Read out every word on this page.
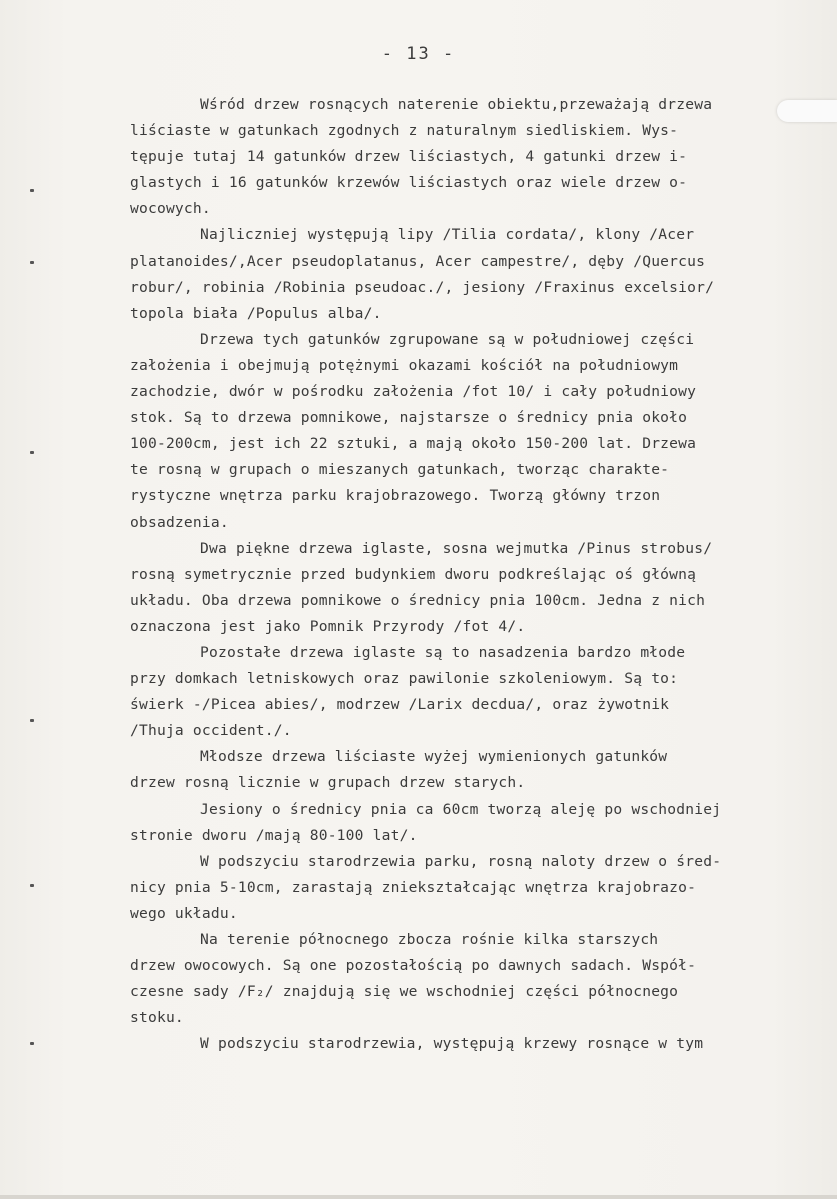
- 13 -
Wśród drzew rosnących naterenie obiektu,przeważają drzewa
liściaste w gatunkach zgodnych z naturalnym siedliskiem. Wys-
tępuje tutaj 14 gatunków drzew liściastych, 4 gatunki drzew i-
glastych i 16 gatunków krzewów liściastych oraz wiele drzew o-
wocowych.
Najliczniej występują lipy /Tilia cordata/, klony /Acer
platanoides/,Acer pseudoplatanus, Acer campestre/, dęby /Quercus
robur/, robinia /Robinia pseudoac./, jesiony /Fraxinus excelsior/
topola biała /Populus alba/.
Drzewa tych gatunków zgrupowane są w południowej części
założenia i obejmują potężnymi okazami kościół na południowym
zachodzie, dwór w pośrodku założenia /fot 10/ i cały południowy
stok. Są to drzewa pomnikowe, najstarsze o średnicy pnia około
100-200cm, jest ich 22 sztuki, a mają około 150-200 lat. Drzewa
te rosną w grupach o mieszanych gatunkach, tworząc charakte-
rystyczne wnętrza parku krajobrazowego. Tworzą główny trzon
obsadzenia.
Dwa piękne drzewa iglaste, sosna wejmutka /Pinus strobus/
rosną symetrycznie przed budynkiem dworu podkreślając oś główną
układu. Oba drzewa pomnikowe o średnicy pnia 100cm. Jedna z nich
oznaczona jest jako Pomnik Przyrody /fot 4/.
Pozostałe drzewa iglaste są to nasadzenia bardzo młode
przy domkach letniskowych oraz pawilonie szkoleniowym. Są to:
świerk -/Picea abies/, modrzew /Larix decdua/, oraz żywotnik
/Thuja occident./.
Młodsze drzewa liściaste wyżej wymienionych gatunków
drzew rosną licznie w grupach drzew starych.
Jesiony o średnicy pnia ca 60cm tworzą aleję po wschodniej
stronie dworu /mają 80-100 lat/.
W podszyciu starodrzewia parku, rosną naloty drzew o śred-
nicy pnia 5-10cm, zarastają zniekształcając wnętrza krajobrazo-
wego układu.
Na terenie północnego zbocza rośnie kilka starszych
drzew owocowych. Są one pozostałością po dawnych sadach. Współ-
czesne sady /F₂/ znajdują się we wschodniej części północnego
stoku.
W podszyciu starodrzewia, występują krzewy rosnące w tym
